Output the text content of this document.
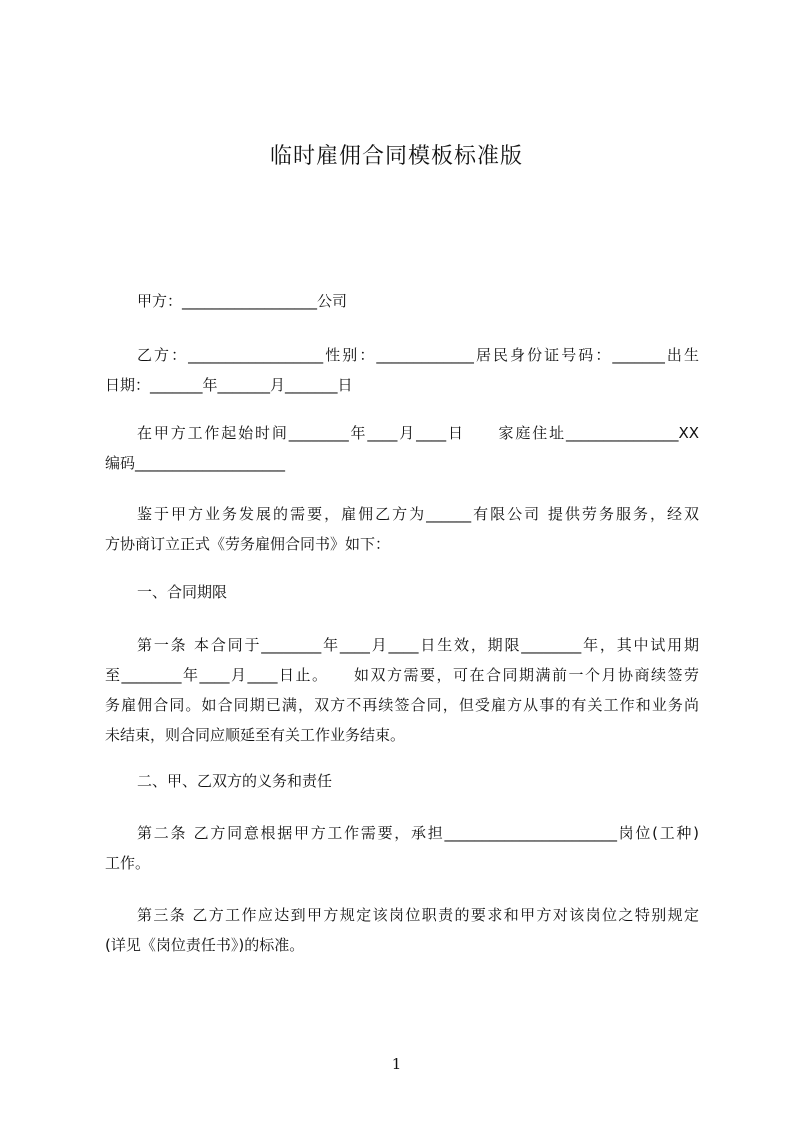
临时雇佣合同模板标准版
甲方：__________________公司
乙方：__________________性别：_____________居民身份证号码：_______出生
日期：_______年_______月_______日
在甲方工作起始时间________年____月____日　　家庭住址_______________XX
编码____________________
鉴于甲方业务发展的需要，雇佣乙方为______有限公司 提供劳务服务，经双
方协商订立正式《劳务雇佣合同书》如下：
一、合同期限
第一条 本合同于________年____月____日生效，期限________年，其中试用期
至________年____月____日止。　　如双方需要，可在合同期满前一个月协商续签劳
务雇佣合同。如合同期已满，双方不再续签合同，但受雇方从事的有关工作和业务尚
未结束，则合同应顺延至有关工作业务结束。
二、甲、乙双方的义务和责任
第二条 乙方同意根据甲方工作需要，承担_______________________岗位(工种)
工作。
第三条 乙方工作应达到甲方规定该岗位职责的要求和甲方对该岗位之特别规定
(详见《岗位责任书》)的标准。
1
